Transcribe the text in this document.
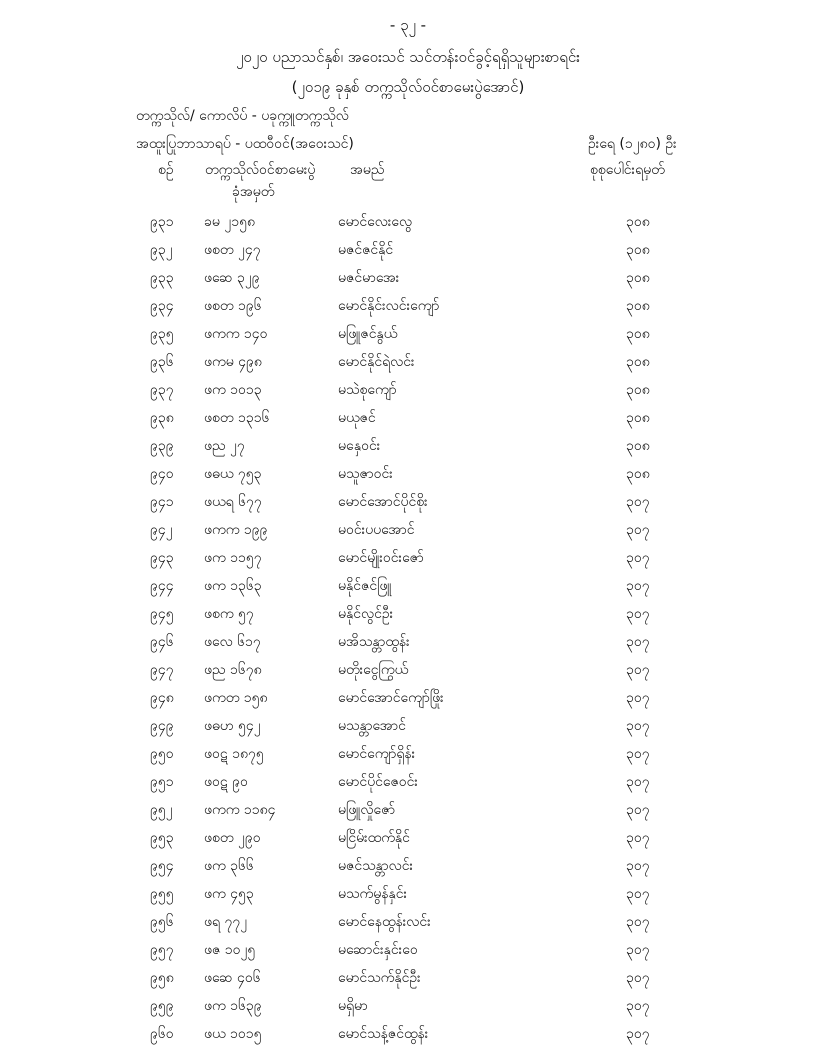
- ၃၂ -
၂၀၂၀ ပညာသင်နှစ်၊ အဝေးသင် သင်တန်းဝင်ခွင့်ရရှိသူများစာရင်း
(၂၀၁၉ ခုနှစ် တက္ကသိုလ်ဝင်စာမေးပွဲအောင်)
တက္ကသိုလ်/ ကောလိပ် - ပခုက္ကူတက္ကသိုလ်
အထူးပြုဘာသာရပ် - ပထဝီဝင်(အဝေးသင်)	ဦးရေ (၁၂၈၀) ဦး
စဉ် တက္ကသိုလ်ဝင်စာမေးပွဲ
ခုံအမှတ်
အမည်	စုစုပေါင်းရမှတ်
၉၃၁ ခမ ၂၁၅၈	မောင်လေးလွေ	၃၀၈
၉၃၂ ဖစတ ၂၄၇	မဇင်ဇင်နိုင်	၃၀၈
၉၃၃ ဖဆေ ၃၂၉	မဇင်မာအေး	၃၀၈
၉၃၄ ဖစတ ၁၉၆	မောင်နိုင်းလင်းကျော်	၃၀၈
၉၃၅ ဖကက ၁၄၀	မဖြူဇင်နွယ်	၃၀၈
၉၃၆ ဖကမ ၄၉၈	မောင်နိုင်ရဲလင်း	၃၀၈
၉၃၇ ဖက ၁၀၁၃	မသဲစုကျော်	၃၀၈
၉၃၈ ဖစတ ၁၃၁၆	မယုဇင်	၃၀၈
၉၃၉ ဖည ၂၇	မနှေဝင်း	၃၀၈
၉၄၀ ဖဓယ ၇၅၃	မသူဇာဝင်း	၃၀၈
၉၄၁ ဖယရ ၆၇၇	မောင်အောင်ပိုင်စိုး	၃၀၇
၉၄၂ ဖကက ၁၉၉	မဝင်းပပအောင်	၃၀၇
၉၄၃ ဖက ၁၁၅၇	မောင်မျိုးဝင်းဇော်	၃၀၇
၉၄၄ ဖက ၁၃၆၃	မနိုင်ဇင်ဖြူ	၃၀၇
၉၄၅ ဖစက ၅၇	မနိုင်လွင်ဦး	၃၀၇
၉၄၆ ဖလေ ၆၁၇	မအိသန္တာထွန်း	၃၀၇
၉၄၇ ဖည ၁၆၇၈	မတိုးငွေကြွယ်	၃၀၇
၉၄၈ ဖကတ ၁၅၈	မောင်အောင်ကျော်ဖြိုး	၃၀၇
၉၄၉ ဖဓဟ ၅၄၂	မသန္တာအောင်	၃၀၇
၉၅၀ ဖဝဋ ၁၈၇၅	မောင်ကျော်ရှိန်း	၃၀၇
၉၅၁ ဖဝဋ ၉၀	မောင်ပိုင်ဇေဝင်း	၃၀၇
၉၅၂ ဖကက ၁၁၈၄	မဖြူလှိုဇော်	၃၀၇
၉၅၃ ဖစတ ၂၉၀	မငြိမ်းထက်နိုင်	၃၀၇
၉၅၄ ဖက ၃၆၆	မဇင်သန္တာလင်း	၃၀၇
၉၅၅ ဖက ၄၅၃	မသက်မွန်နှင်း	၃၀၇
၉၅၆ ဖရ ၇၇၂	မောင်နေထွန်းလင်း	၃၀၇
၉၅၇ ဖဇ ၁၀၂၅	မဆောင်းနှင်းဝေ	၃၀၇
၉၅၈ ဖဆေ ၄၀၆	မောင်သက်နိုင်ဦး	၃၀၇
၉၅၉ ဖက ၁၆၃၉	မရှိမာ	၃၀၇
၉၆၀ ဖယ ၁၀၁၅	မောင်သန့်ဇင်ထွန်း	၃၀၇
